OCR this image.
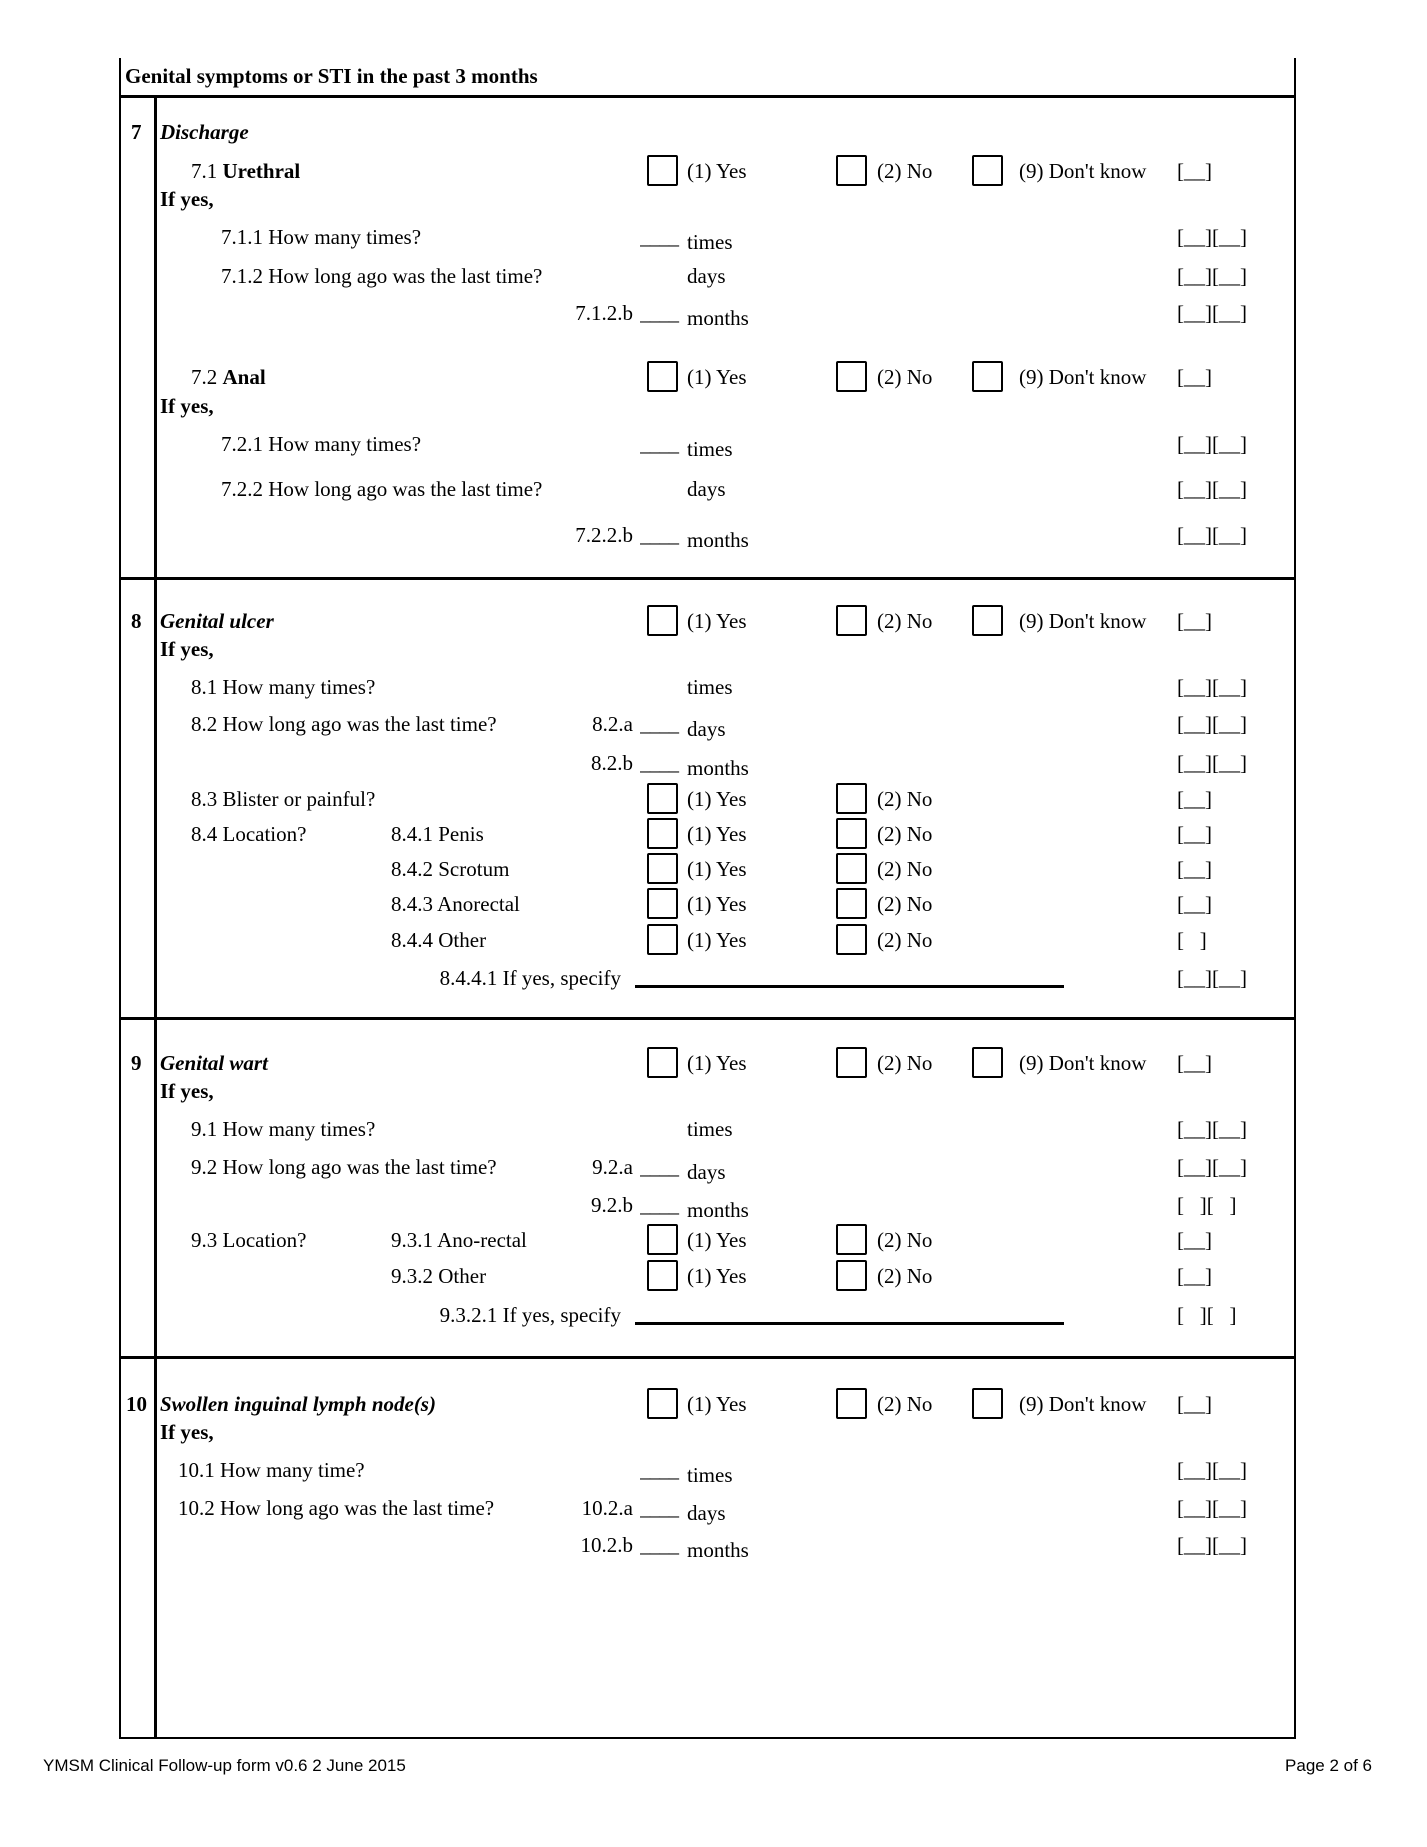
Genital symptoms or STI in the past 3 months
7 Discharge
7.1 Urethral	(1) Yes	(2) No	(9) Don't know [__]
If yes,
7.1.1 How many times?	____ times	[__][__]
7.1.2 How long ago was the last time?	days	[__][__]
7.1.2.b ____ months	[__][__]
7.2 Anal	(1) Yes	(2) No	(9) Don't know [__]
If yes,
7.2.1 How many times?	____ times	[__][__]
7.2.2 How long ago was the last time?	days	[__][__]
7.2.2.b ____ months	[__][__]
8 Genital ulcer	(1) Yes	(2) No	(9) Don't know [__]
If yes,
8.1 How many times?	times	[__][__]
8.2 How long ago was the last time?	8.2.a ____ days	[__][__]
8.2.b ____ months	[__][__]
8.3 Blister or painful?	(1) Yes	(2) No	[__]
8.4 Location?	8.4.1 Penis	(1) Yes	(2) No	[__]
8.4.2 Scrotum	(1) Yes	(2) No	[__]
8.4.3 Anorectal	(1) Yes	(2) No	[__]
8.4.4 Other	(1) Yes	(2) No	[   ]
8.4.4.1 If yes, specify	[__][__]
9 Genital wart	(1) Yes	(2) No	(9) Don't know [__]
If yes,
9.1 How many times?	times	[__][__]
9.2 How long ago was the last time?	9.2.a ____ days	[__][__]
9.2.b ____ months	[   ][   ]
9.3 Location?	9.3.1 Ano-rectal	(1) Yes	(2) No	[__]
9.3.2 Other	(1) Yes	(2) No	[__]
9.3.2.1 If yes, specify	[   ][   ]
10 Swollen inguinal lymph node(s)	(1) Yes	(2) No	(9) Don't know [__]
If yes,
10.1 How many time?	____ times	[__][__]
10.2 How long ago was the last time?	10.2.a ____ days	[__][__]
10.2.b ____ months	[__][__]
YMSM Clinical Follow-up form v0.6 2 June 2015	Page 2 of 6
